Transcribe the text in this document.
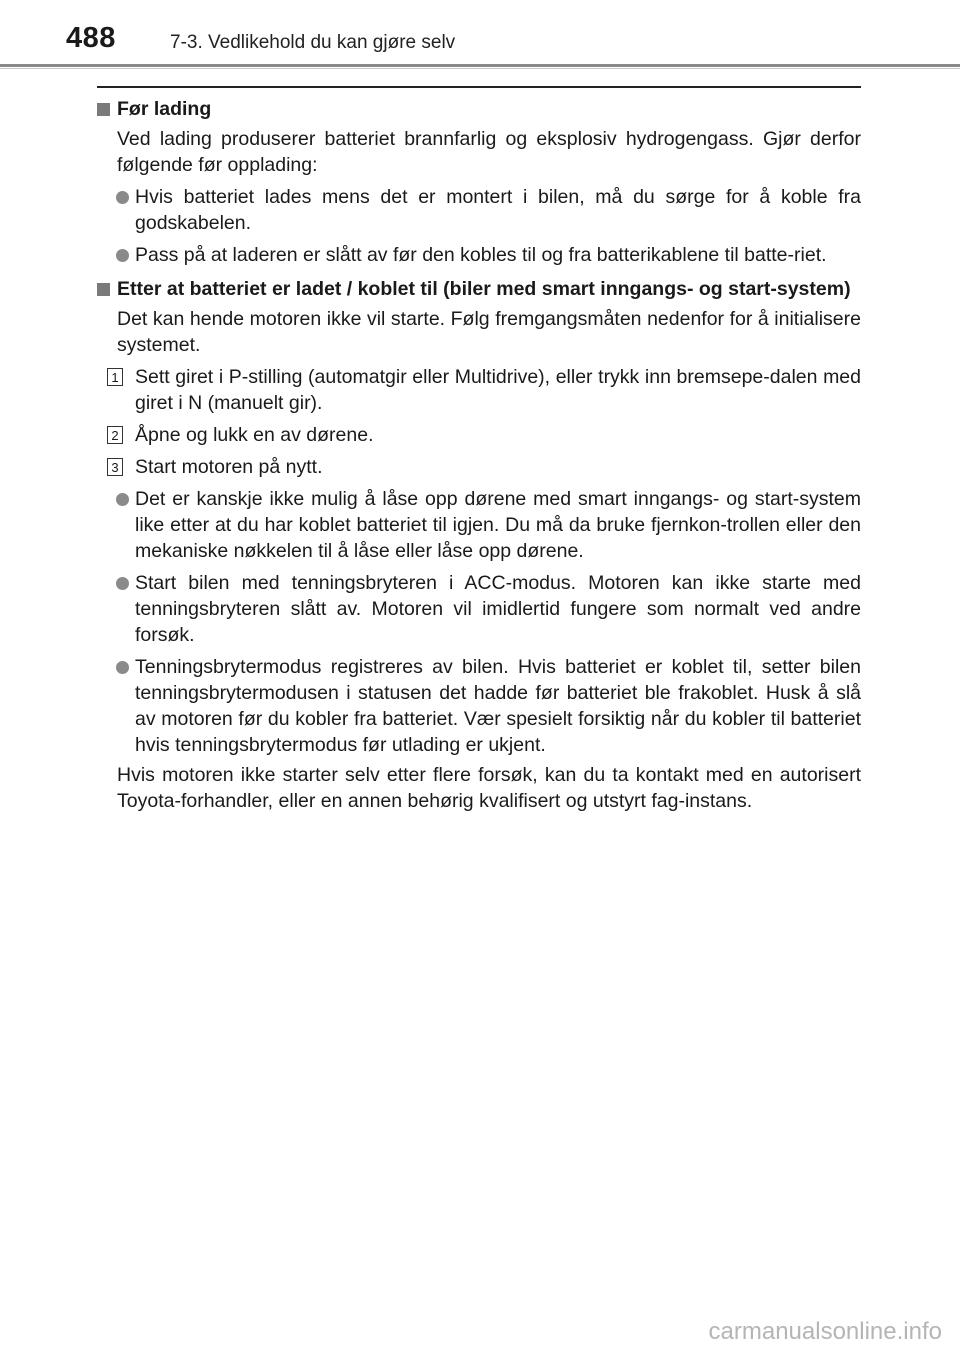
488	7-3. Vedlikehold du kan gjøre selv
Før lading
Ved lading produserer batteriet brannfarlig og eksplosiv hydrogengass. Gjør derfor følgende før opplading:
Hvis batteriet lades mens det er montert i bilen, må du sørge for å koble fra godskabelen.
Pass på at laderen er slått av før den kobles til og fra batterikablene til batte-riet.
Etter at batteriet er ladet / koblet til (biler med smart inngangs- og start-system)
Det kan hende motoren ikke vil starte. Følg fremgangsmåten nedenfor for å initialisere systemet.
1 Sett giret i P-stilling (automatgir eller Multidrive), eller trykk inn bremsepe-dalen med giret i N (manuelt gir).
2 Åpne og lukk en av dørene.
3 Start motoren på nytt.
Det er kanskje ikke mulig å låse opp dørene med smart inngangs- og start-system like etter at du har koblet batteriet til igjen. Du må da bruke fjernkon-trollen eller den mekaniske nøkkelen til å låse eller låse opp dørene.
Start bilen med tenningsbryteren i ACC-modus. Motoren kan ikke starte med tenningsbryteren slått av. Motoren vil imidlertid fungere som normalt ved andre forsøk.
Tenningsbrytermodus registreres av bilen. Hvis batteriet er koblet til, setter bilen tenningsbrytermodusen i statusen det hadde før batteriet ble frakoblet. Husk å slå av motoren før du kobler fra batteriet. Vær spesielt forsiktig når du kobler til batteriet hvis tenningsbrytermodus før utlading er ukjent.
Hvis motoren ikke starter selv etter flere forsøk, kan du ta kontakt med en autorisert Toyota-forhandler, eller en annen behørig kvalifisert og utstyrt fag-instans.
carmanualsonline.info
